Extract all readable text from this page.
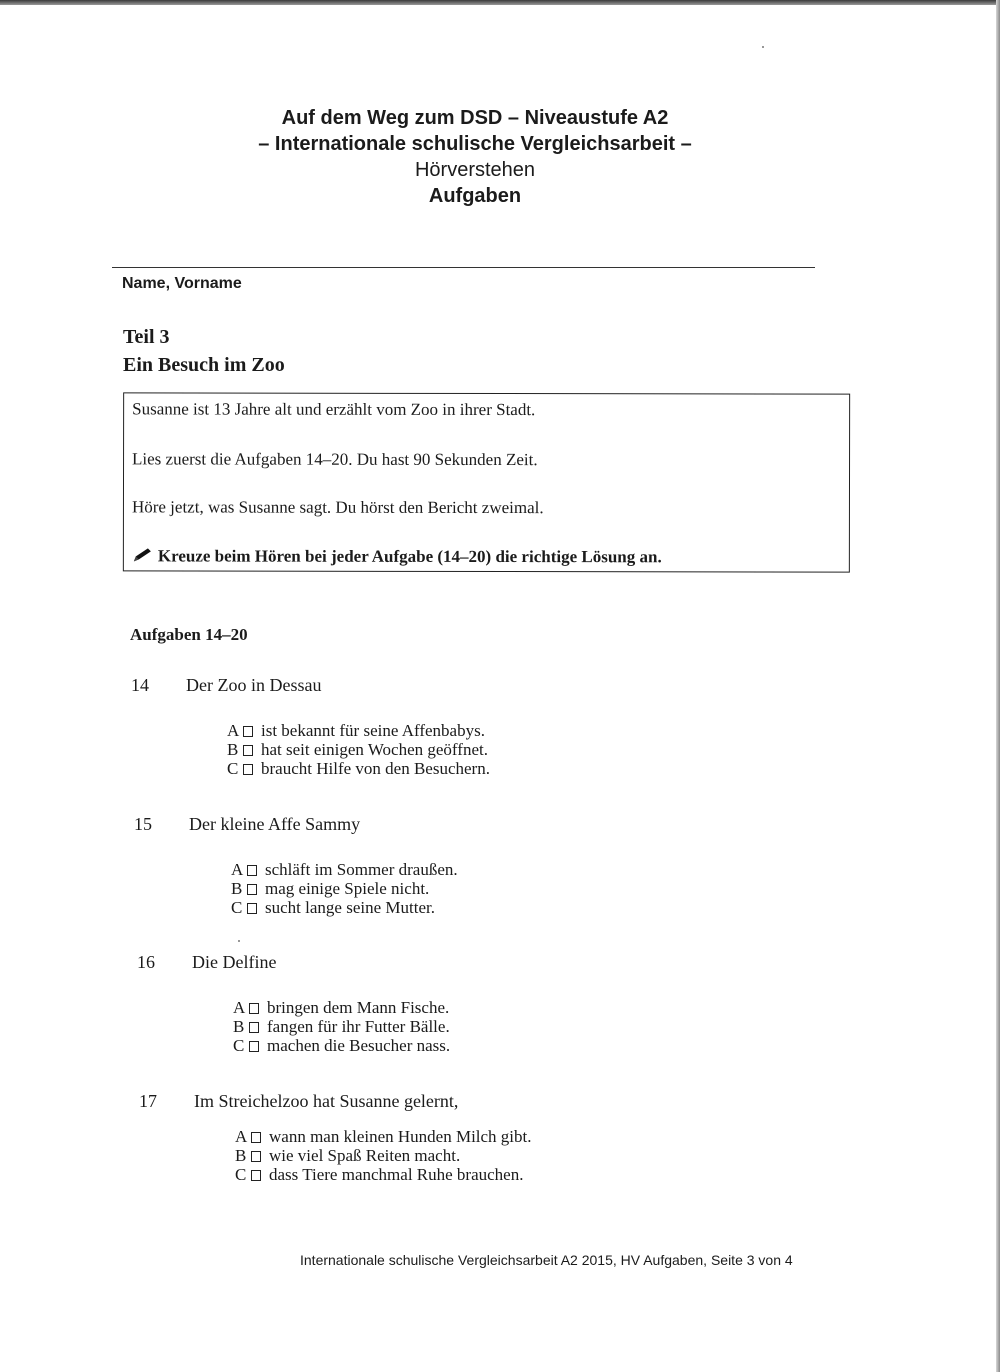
Auf dem Weg zum DSD – Niveaustufe A2
– Internationale schulische Vergleichsarbeit –
Hörverstehen
Aufgaben
Name, Vorname
Teil 3
Ein Besuch im Zoo
Susanne ist 13 Jahre alt und erzählt vom Zoo in ihrer Stadt.
Lies zuerst die Aufgaben 14–20. Du hast 90 Sekunden Zeit.
Höre jetzt, was Susanne sagt. Du hörst den Bericht zweimal.
Kreuze beim Hören bei jeder Aufgabe (14–20) die richtige Lösung an.
Aufgaben 14–20
14 Der Zoo in Dessau
A ist bekannt für seine Affenbabys.
B hat seit einigen Wochen geöffnet.
C braucht Hilfe von den Besuchern.
15 Der kleine Affe Sammy
A schläft im Sommer draußen.
B mag einige Spiele nicht.
C sucht lange seine Mutter.
16 Die Delfine
A bringen dem Mann Fische.
B fangen für ihr Futter Bälle.
C machen die Besucher nass.
17 Im Streichelzoo hat Susanne gelernt,
A wann man kleinen Hunden Milch gibt.
B wie viel Spaß Reiten macht.
C dass Tiere manchmal Ruhe brauchen.
Internationale schulische Vergleichsarbeit A2 2015, HV Aufgaben, Seite 3 von 4
